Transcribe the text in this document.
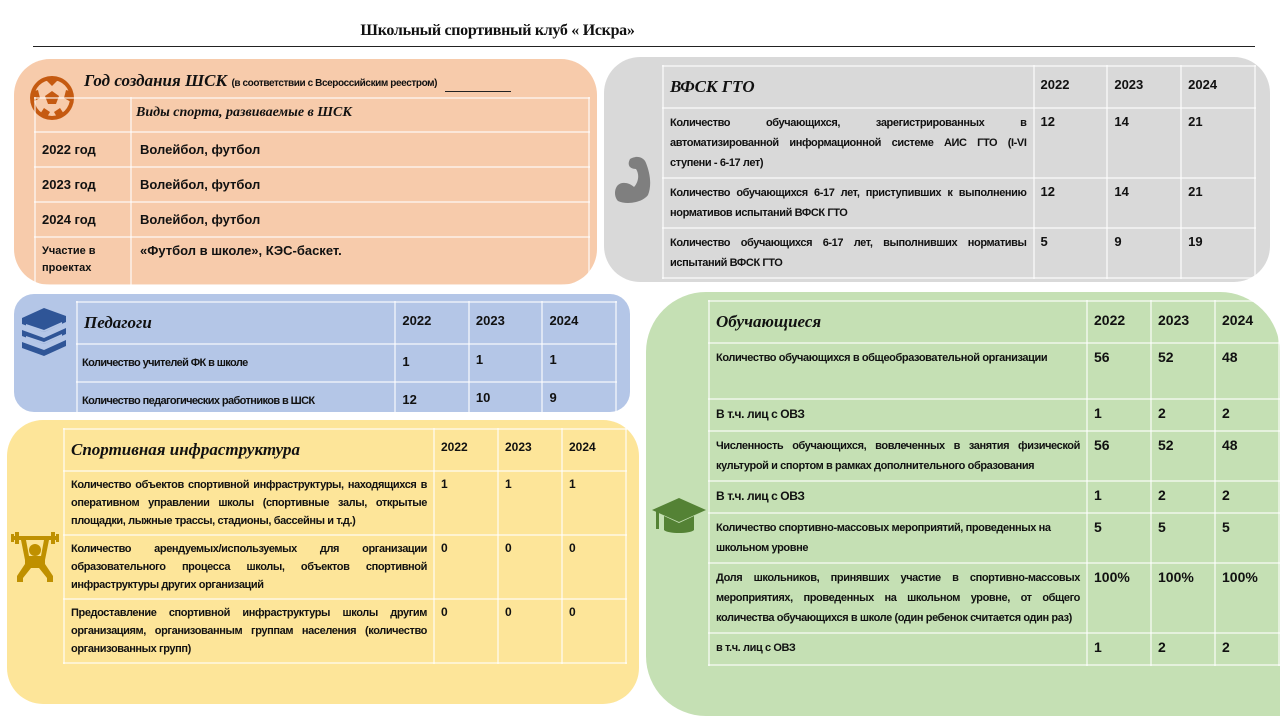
Школьный спортивный клуб « Искра»
Год создания ШСК (в соответствии с Всероссийским реестром)
	Виды спорта, развиваемые в ШСК
2022 год	Волейбол, футбол
2023 год	Волейбол, футбол
2024 год	Волейбол, футбол
Участие в проектах	«Футбол в школе», КЭС-баскет.
ВФСК ГТО	2022	2023	2024
Количество обучающихся, зарегистрированных в автоматизированной информационной системе АИС ГТО (I-VI ступени - 6-17 лет)	12	14	21
Количество обучающихся 6-17 лет, приступивших к выполнению нормативов испытаний ВФСК ГТО	12	14	21
Количество обучающихся 6-17 лет, выполнивших нормативы испытаний ВФСК ГТО	5	9	19
Педагоги	2022	2023	2024
Количество учителей ФК в школе	1	1	1
Количество педагогических работников в ШСК	12	10	9
Спортивная инфраструктура	2022	2023	2024
Количество объектов спортивной инфраструктуры, находящихся в оперативном управлении школы (спортивные залы, открытые площадки, лыжные трассы, стадионы, бассейны и т.д.)	1	1	1
Количество арендуемых/используемых для организации образовательного процесса школы, объектов спортивной инфраструктуры других организаций	0	0	0
Предоставление спортивной инфраструктуры школы другим организациям, организованным группам населения (количество организованных групп)	0	0	0
Обучающиеся	2022	2023	2024
Количество обучающихся в общеобразовательной организации	56	52	48
В т.ч. лиц с ОВЗ	1	2	2
Численность обучающихся, вовлеченных в занятия физической культурой и спортом в рамках дополнительного образования	56	52	48
В т.ч. лиц с ОВЗ	1	2	2
Количество спортивно-массовых мероприятий, проведенных на школьном уровне	5	5	5
Доля школьников, принявших участие в спортивно-массовых мероприятиях, проведенных на школьном уровне, от общего количества обучающихся в школе (один ребенок считается один раз)	100%	100%	100%
в т.ч. лиц с ОВЗ	1	2	2
